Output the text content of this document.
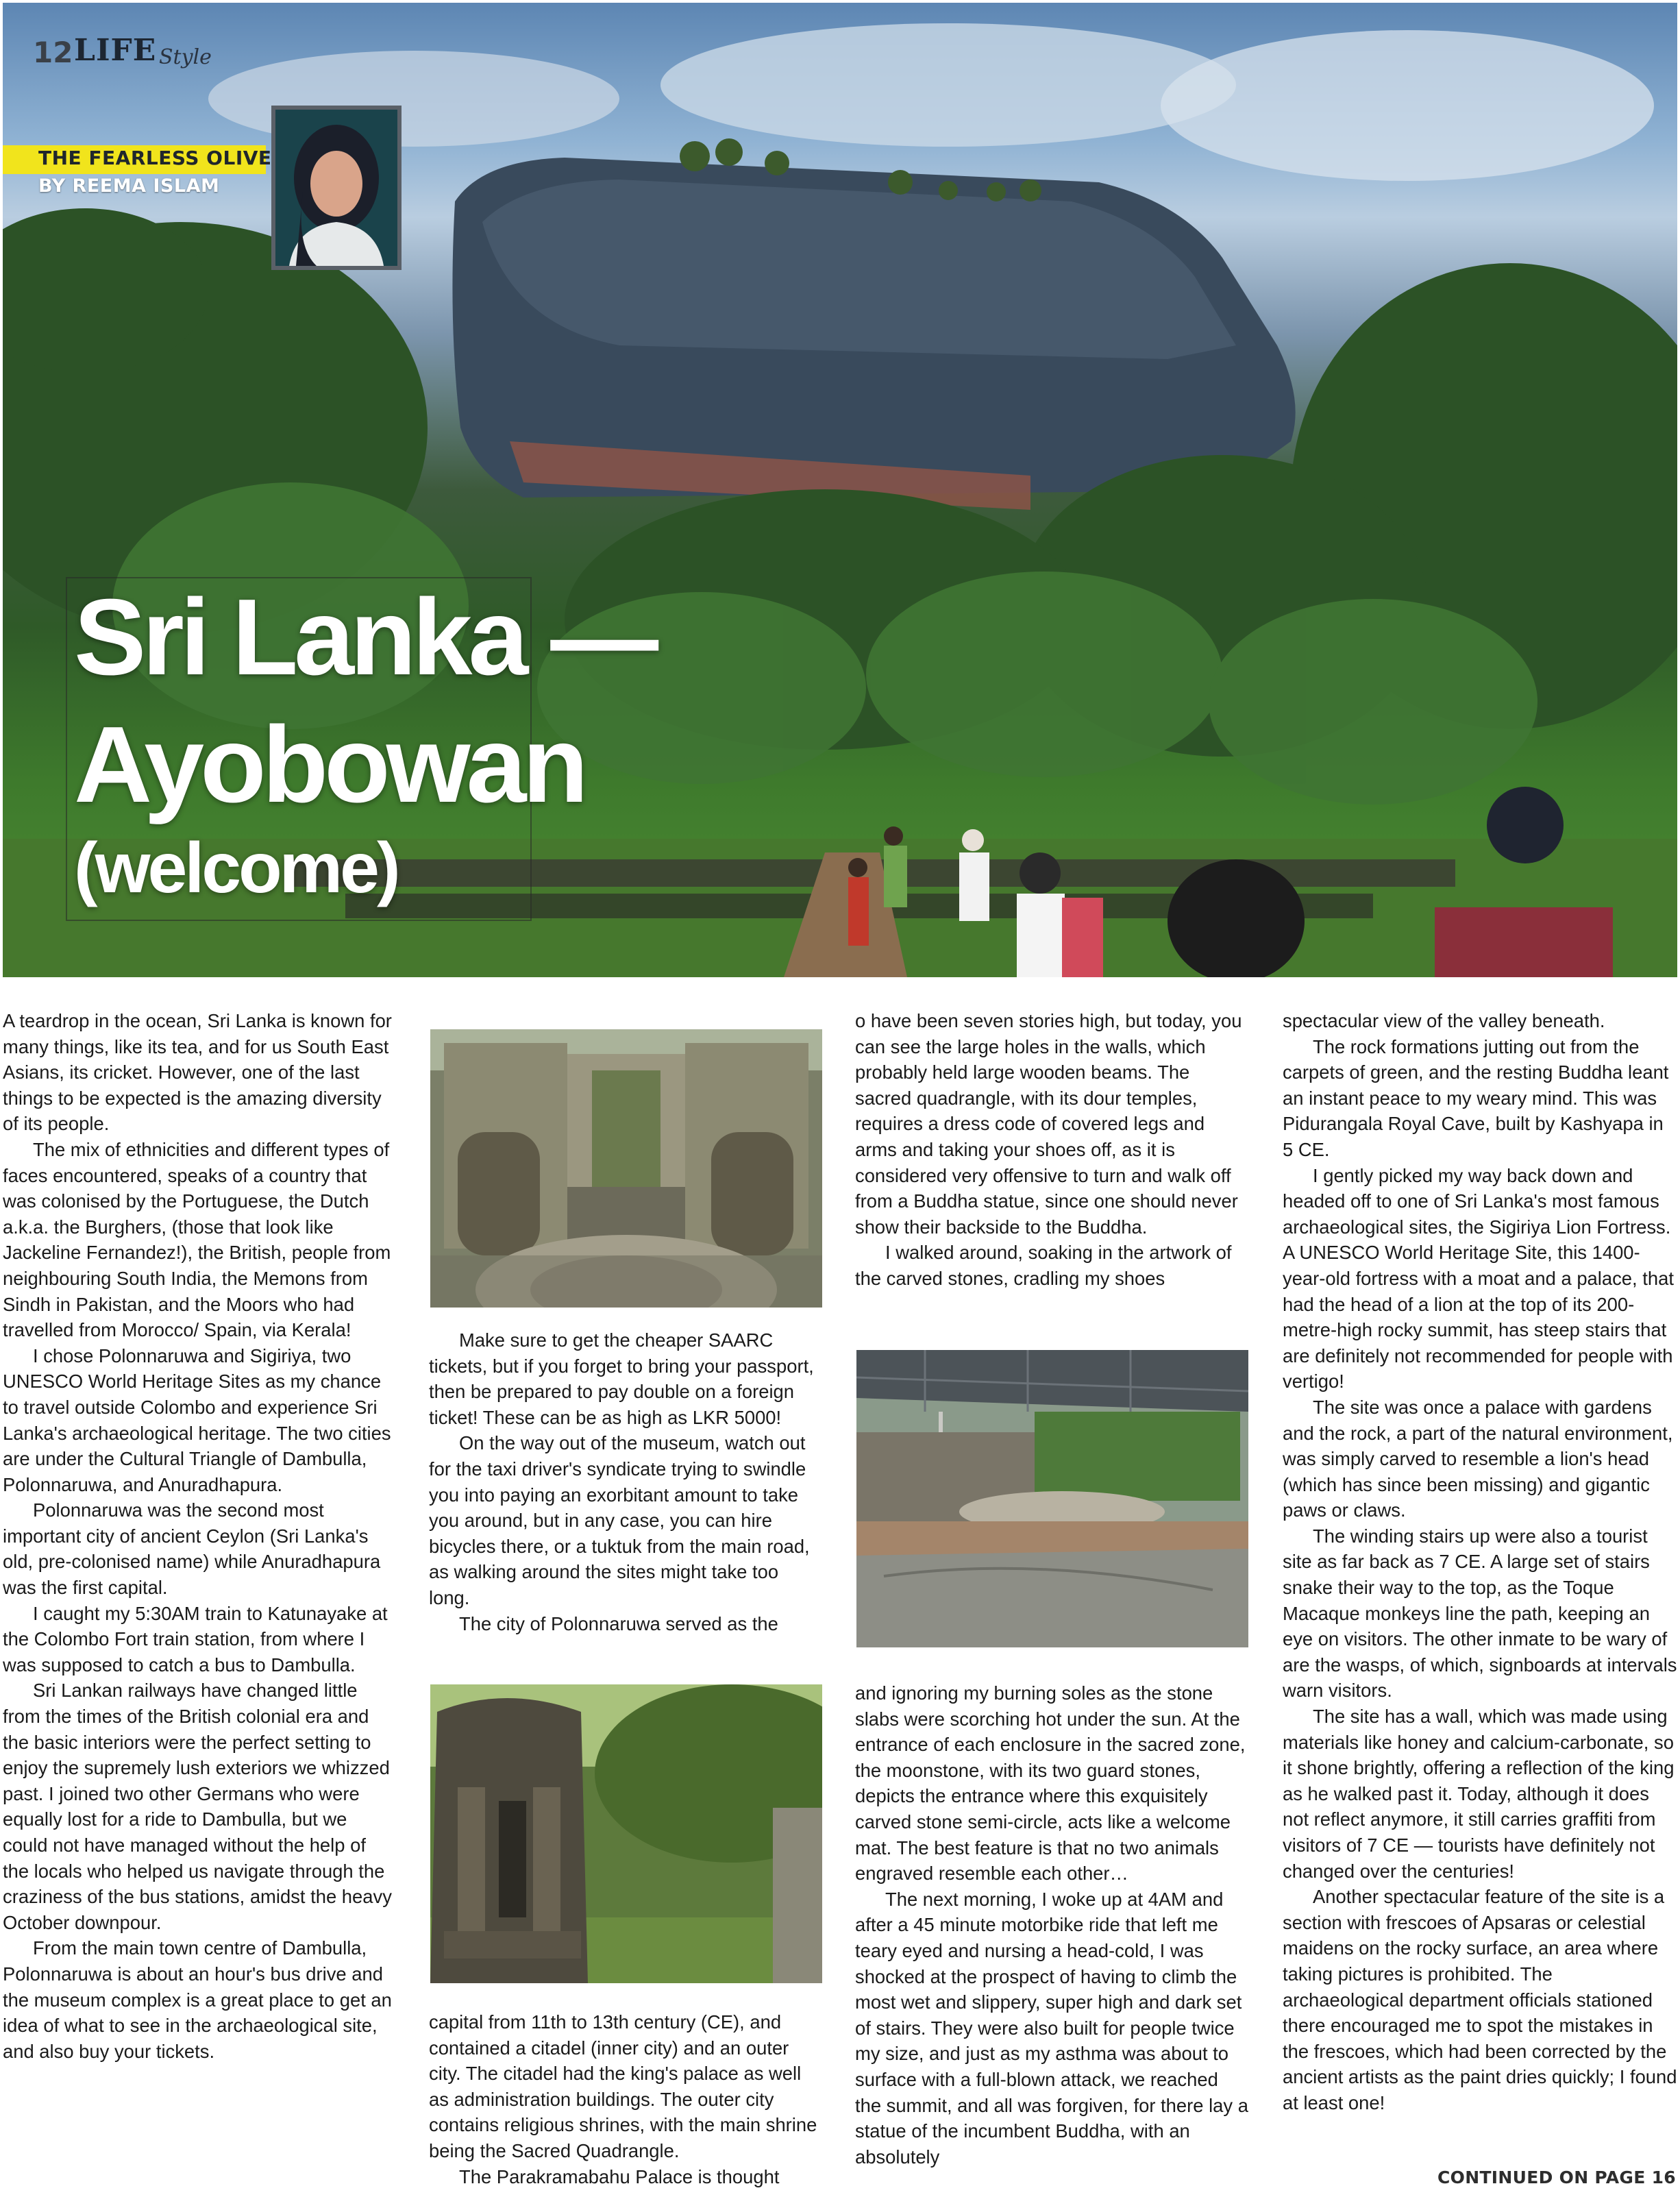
12 LIFE Style
THE FEARLESS OLIVE
BY REEMA ISLAM
Sri Lanka —
Ayobowan
(welcome)

A teardrop in the ocean, Sri Lanka is known for many things, like its tea, and for us South East Asians, its cricket. However, one of the last things to be expected is the amazing diversity of its people.

The mix of ethnicities and different types of faces encountered, speaks of a country that was colonised by the Portuguese, the Dutch a.k.a. the Burghers, (those that look like Jackeline Fernandez!), the British, people from neighbouring South India, the Memons from Sindh in Pakistan, and the Moors who had travelled from Morocco/ Spain, via Kerala!

I chose Polonnaruwa and Sigiriya, two UNESCO World Heritage Sites as my chance to travel outside Colombo and experience Sri Lanka's archaeological heritage. The two cities are under the Cultural Triangle of Dambulla, Polonnaruwa, and Anuradhapura.

Polonnaruwa was the second most important city of ancient Ceylon (Sri Lanka's old, pre-colonised name) while Anuradhapura was the first capital.

I caught my 5:30AM train to Katunayake at the Colombo Fort train station, from where I was supposed to catch a bus to Dambulla.

Sri Lankan railways have changed little from the times of the British colonial era and the basic interiors were the perfect setting to enjoy the supremely lush exteriors we whizzed past. I joined two other Germans who were equally lost for a ride to Dambulla, but we could not have managed without the help of the locals who helped us navigate through the craziness of the bus stations, amidst the heavy October downpour.

From the main town centre of Dambulla, Polonnaruwa is about an hour's bus drive and the museum complex is a great place to get an idea of what to see in the archaeological site, and also buy your tickets.

Make sure to get the cheaper SAARC tickets, but if you forget to bring your passport, then be prepared to pay double on a foreign ticket! These can be as high as LKR 5000!

On the way out of the museum, watch out for the taxi driver's syndicate trying to swindle you into paying an exorbitant amount to take you around, but in any case, you can hire bicycles there, or a tuktuk from the main road, as walking around the sites might take too long.

The city of Polonnaruwa served as the

capital from 11th to 13th century (CE), and contained a citadel (inner city) and an outer city. The citadel had the king's palace as well as administration buildings. The outer city contains religious shrines, with the main shrine being the Sacred Quadrangle.

The Parakramabahu Palace is thought

o have been seven stories high, but today, you can see the large holes in the walls, which probably held large wooden beams. The sacred quadrangle, with its dour temples, requires a dress code of covered legs and arms and taking your shoes off, as it is considered very offensive to turn and walk off from a Buddha statue, since one should never show their backside to the Buddha.

I walked around, soaking in the artwork of the carved stones, cradling my shoes

and ignoring my burning soles as the stone slabs were scorching hot under the sun. At the entrance of each enclosure in the sacred zone, the moonstone, with its two guard stones, depicts the entrance where this exquisitely carved stone semi-circle, acts like a welcome mat. The best feature is that no two animals engraved resemble each other…

The next morning, I woke up at 4AM and after a 45 minute motorbike ride that left me teary eyed and nursing a head-cold, I was shocked at the prospect of having to climb the most wet and slippery, super high and dark set of stairs. They were also built for people twice my size, and just as my asthma was about to surface with a full-blown attack, we reached the summit, and all was forgiven, for there lay a statue of the incumbent Buddha, with an absolutely

spectacular view of the valley beneath.

The rock formations jutting out from the carpets of green, and the resting Buddha leant an instant peace to my weary mind. This was Pidurangala Royal Cave, built by Kashyapa in 5 CE.

I gently picked my way back down and headed off to one of Sri Lanka's most famous archaeological sites, the Sigiriya Lion Fortress. A UNESCO World Heritage Site, this 1400-year-old fortress with a moat and a palace, that had the head of a lion at the top of its 200-metre-high rocky summit, has steep stairs that are definitely not recommended for people with vertigo!

The site was once a palace with gardens and the rock, a part of the natural environment, was simply carved to resemble a lion's head (which has since been missing) and gigantic paws or claws.

The winding stairs up were also a tourist site as far back as 7 CE. A large set of stairs snake their way to the top, as the Toque Macaque monkeys line the path, keeping an eye on visitors. The other inmate to be wary of are the wasps, of which, signboards at intervals warn visitors.

The site has a wall, which was made using materials like honey and calcium-carbonate, so it shone brightly, offering a reflection of the king as he walked past it. Today, although it does not reflect anymore, it still carries graffiti from visitors of 7 CE — tourists have definitely not changed over the centuries!

Another spectacular feature of the site is a section with frescoes of Apsaras or celestial maidens on the rocky surface, an area where taking pictures is prohibited. The archaeological department officials stationed there encouraged me to spot the mistakes in the frescoes, which had been corrected by the ancient artists as the paint dries quickly; I found at least one!

CONTINUED ON PAGE 16
